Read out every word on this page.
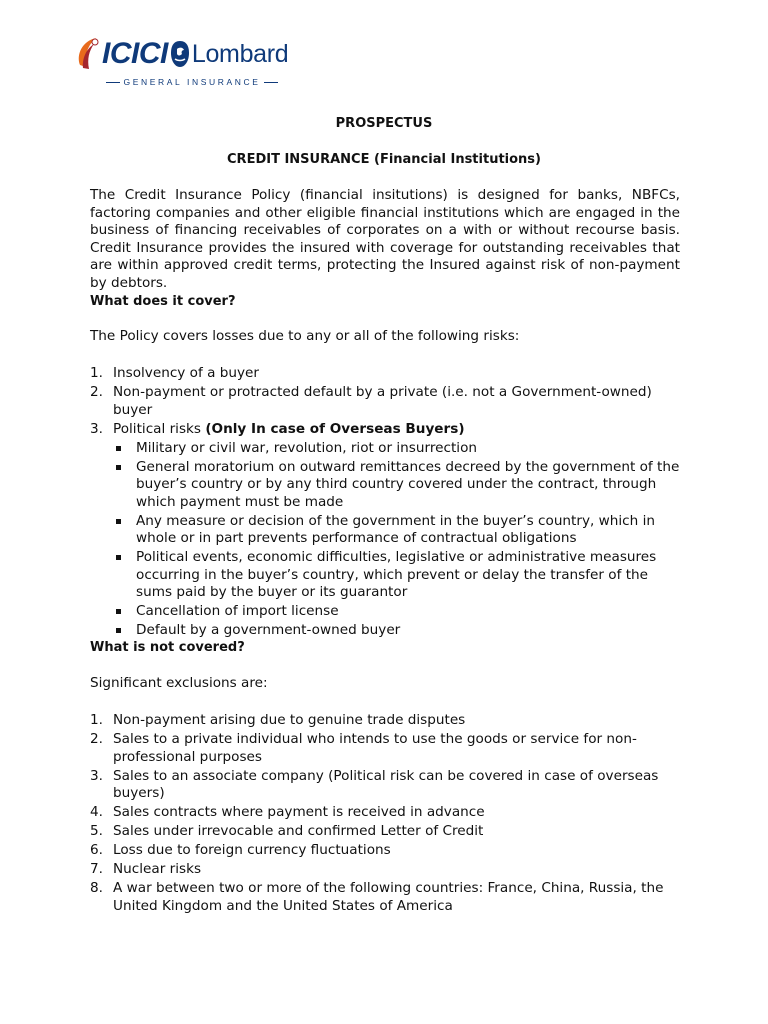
ICICI Lombard
GENERAL INSURANCE
PROSPECTUS
CREDIT INSURANCE (Financial Institutions)
The Credit Insurance Policy (financial insitutions) is designed for banks, NBFCs, factoring companies and other eligible financial institutions which are engaged in the business of financing receivables of corporates on a with or without recourse basis. Credit Insurance provides the insured with coverage for outstanding receivables that are within approved credit terms, protecting the Insured against risk of non-payment by debtors.
What does it cover?
The Policy covers losses due to any or all of the following risks:
1. Insolvency of a buyer
2. Non-payment or protracted default by a private (i.e. not a Government-owned) buyer
3. Political risks (Only In case of Overseas Buyers)
Military or civil war, revolution, riot or insurrection
General moratorium on outward remittances decreed by the government of the buyer’s country or by any third country covered under the contract, through which payment must be made
Any measure or decision of the government in the buyer’s country, which in whole or in part prevents performance of contractual obligations
Political events, economic difficulties, legislative or administrative measures occurring in the buyer’s country, which prevent or delay the transfer of the sums paid by the buyer or its guarantor
Cancellation of import license
Default by a government-owned buyer
What is not covered?
Significant exclusions are:
1. Non-payment arising due to genuine trade disputes
2. Sales to a private individual who intends to use the goods or service for non-professional purposes
3. Sales to an associate company (Political risk can be covered in case of overseas buyers)
4. Sales contracts where payment is received in advance
5. Sales under irrevocable and confirmed Letter of Credit
6. Loss due to foreign currency fluctuations
7. Nuclear risks
8. A war between two or more of the following countries: France, China, Russia, the United Kingdom and the United States of America
